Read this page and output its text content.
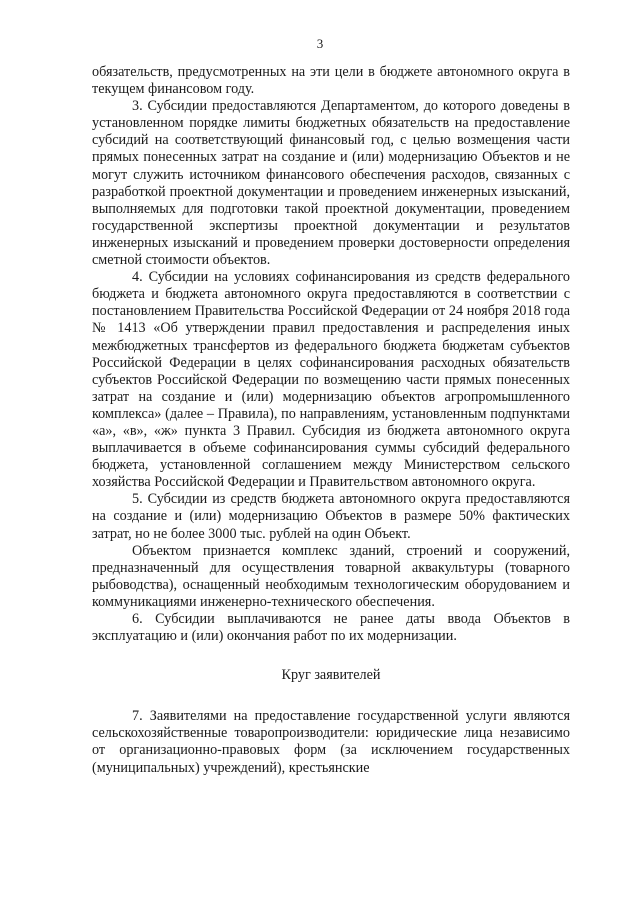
3

обязательств, предусмотренных на эти цели в бюджете автономного округа в текущем финансовом году.

3. Субсидии предоставляются Департаментом, до которого доведены в установленном порядке лимиты бюджетных обязательств на предоставление субсидий на соответствующий финансовый год, с целью возмещения части прямых понесенных затрат на создание и (или) модернизацию Объектов и не могут служить источником финансового обеспечения расходов, связанных с разработкой проектной документации и проведением инженерных изысканий, выполняемых для подготовки такой проектной документации, проведением государственной экспертизы проектной документации и результатов инженерных изысканий и проведением проверки достоверности определения сметной стоимости объектов.

4. Субсидии на условиях софинансирования из средств федерального бюджета и бюджета автономного округа предоставляются в соответствии с постановлением Правительства Российской Федерации от 24 ноября 2018 года № 1413 «Об утверждении правил предоставления и распределения иных межбюджетных трансфертов из федерального бюджета бюджетам субъектов Российской Федерации в целях софинансирования расходных обязательств субъектов Российской Федерации по возмещению части прямых понесенных затрат на создание и (или) модернизацию объектов агропромышленного комплекса» (далее – Правила), по направлениям, установленным подпунктами «а», «в», «ж» пункта 3 Правил. Субсидия из бюджета автономного округа выплачивается в объеме софинансирования суммы субсидий федерального бюджета, установленной соглашением между Министерством сельского хозяйства Российской Федерации и Правительством автономного округа.

5. Субсидии из средств бюджета автономного округа предоставляются на создание и (или) модернизацию Объектов в размере 50% фактических затрат, но не более 3000 тыс. рублей на один Объект.

Объектом признается комплекс зданий, строений и сооружений, предназначенный для осуществления товарной аквакультуры (товарного рыбоводства), оснащенный необходимым технологическим оборудованием и коммуникациями инженерно-технического обеспечения.

6. Субсидии выплачиваются не ранее даты ввода Объектов в эксплуатацию и (или) окончания работ по их модернизации.

Круг заявителей

7. Заявителями на предоставление государственной услуги являются сельскохозяйственные товаропроизводители: юридические лица независимо от организационно-правовых форм (за исключением государственных (муниципальных) учреждений), крестьянские
